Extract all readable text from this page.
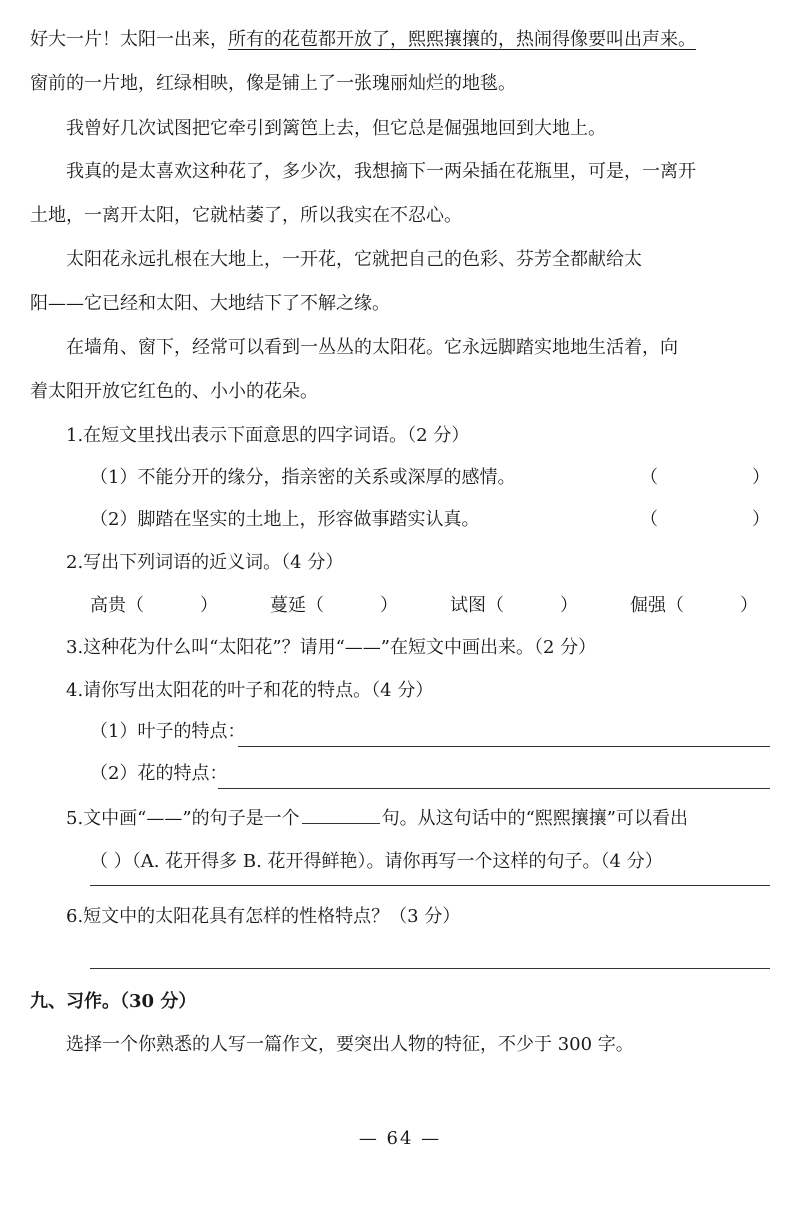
好大一片！太阳一出来，所有的花苞都开放了，熙熙攘攘的，热闹得像要叫出声来。
窗前的一片地，红绿相映，像是铺上了一张瑰丽灿烂的地毯。
我曾好几次试图把它牵引到篱笆上去，但它总是倔强地回到大地上。
我真的是太喜欢这种花了，多少次，我想摘下一两朵插在花瓶里，可是，一离开
土地，一离开太阳，它就枯萎了，所以我实在不忍心。
太阳花永远扎根在大地上，一开花，它就把自己的色彩、芬芳全都献给太
阳——它已经和太阳、大地结下了不解之缘。
在墙角、窗下，经常可以看到一丛丛的太阳花。它永远脚踏实地地生活着，向
着太阳开放它红色的、小小的花朵。
1.在短文里找出表示下面意思的四字词语。（2 分）
（1）不能分开的缘分，指亲密的关系或深厚的感情。	（	）
（2）脚踏在坚实的土地上，形容做事踏实认真。	（	）
2.写出下列词语的近义词。（4 分）
高贵（	）	蔓延（	）	试图（	）	倔强（	）
3.这种花为什么叫“太阳花”？请用“——”在短文中画出来。（2 分）
4.请你写出太阳花的叶子和花的特点。（4 分）
（1）叶子的特点：
（2）花的特点：
5.文中画“——”的句子是一个	句。从这句话中的“熙熙攘攘”可以看出
（ ）（A. 花开得多 B. 花开得鲜艳）。请你再写一个这样的句子。（4 分）
6.短文中的太阳花具有怎样的性格特点？（3 分）
九、习作。（30 分）
选择一个你熟悉的人写一篇作文，要突出人物的特征，不少于 300 字。
— 64 —
